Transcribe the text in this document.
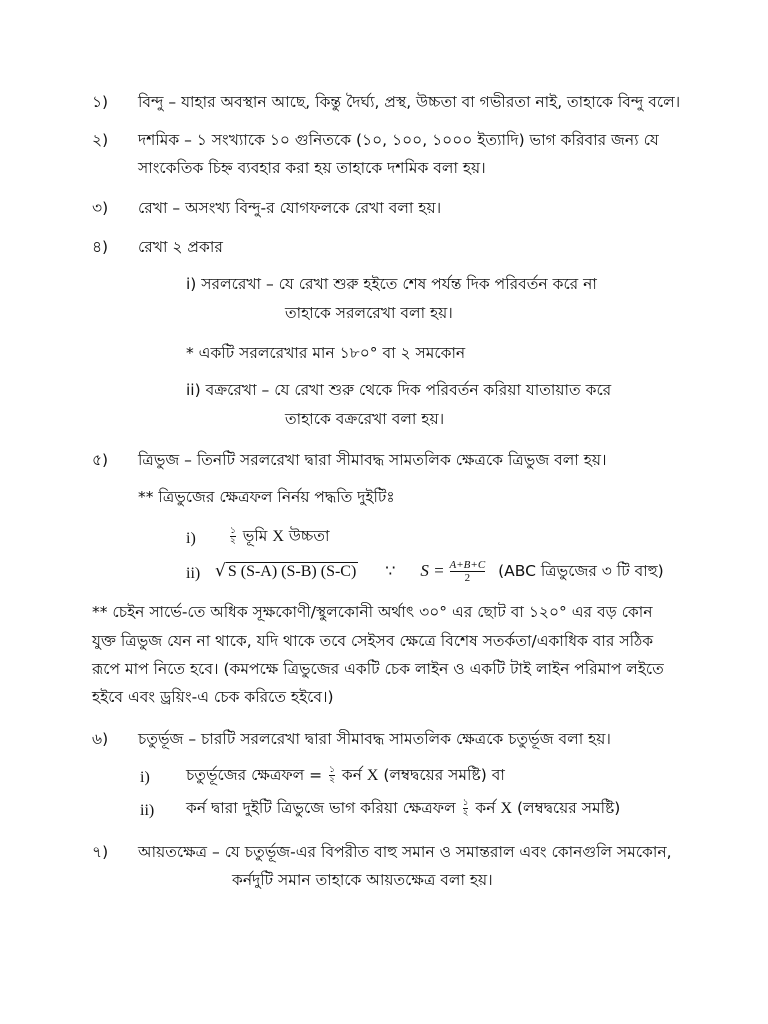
১) বিন্দু – যাহার অবস্থান আছে, কিন্তু দৈর্ঘ্য, প্রস্থ, উচ্চতা বা গভীরতা নাই, তাহাকে বিন্দু বলে।
২) দশমিক – ১ সংখ্যাকে ১০ গুনিতকে (১০, ১০০, ১০০০ ইত্যাদি) ভাগ করিবার জন্য যে
সাংকেতিক চিহ্ন ব্যবহার করা হয় তাহাকে দশমিক বলা হয়।
৩) রেখা – অসংখ্য বিন্দু-র যোগফলকে রেখা বলা হয়।
৪) রেখা ২ প্রকার
i) সরলরেখা – যে রেখা শুরু হইতে শেষ পর্যন্ত দিক পরিবর্তন করে না
তাহাকে সরলরেখা বলা হয়।
* একটি সরলরেখার মান ১৮০° বা ২ সমকোন
ii) বক্ররেখা – যে রেখা শুরু থেকে দিক পরিবর্তন করিয়া যাতায়াত করে
তাহাকে বক্ররেখা বলা হয়।
৫) ত্রিভুজ – তিনটি সরলরেখা দ্বারা সীমাবদ্ধ সামতলিক ক্ষেত্রকে ত্রিভুজ বলা হয়।
** ত্রিভুজের ক্ষেত্রফল নির্নয় পদ্ধতি দুইটিঃ
i)	$\frac{১}{২}$ ভূমি X উচ্চতা
ii) √ S (S-A) (S-B) (S-C) ∵ $S = \frac{A+B+C}{2} (ABC$ ত্রিভুজের ৩ টি বাহু)
** চেইন সার্ভে-তে অধিক সূক্ষকোণী/স্থুলকোনী অর্থাৎ ৩০° এর ছোট বা ১২০° এর বড় কোন
যুক্ত ত্রিভুজ যেন না থাকে, যদি থাকে তবে সেইসব ক্ষেত্রে বিশেষ সতর্কতা/একাধিক বার সঠিক
রূপে মাপ নিতে হবে। (কমপক্ষে ত্রিভুজের একটি চেক লাইন ও একটি টাই লাইন পরিমাপ লইতে
হইবে এবং ড্রয়িং-এ চেক করিতে হইবে।)
৬) চতুর্ভূজ – চারটি সরলরেখা দ্বারা সীমাবদ্ধ সামতলিক ক্ষেত্রকে চতুর্ভূজ বলা হয়।
i) চতুর্ভূজের ক্ষেত্রফল = $\frac{১}{২}$ কর্ন X (লম্বদ্বয়ের সমষ্টি) বা
ii) কর্ন দ্বারা দুইটি ত্রিভুজে ভাগ করিয়া ক্ষেত্রফল $\frac{১}{২}$ কর্ন X (লম্বদ্বয়ের সমষ্টি)
৭) আয়তক্ষেত্র – যে চতুর্ভূজ-এর বিপরীত বাহু সমান ও সমান্তরাল এবং কোনগুলি সমকোন,
কর্নদুটি সমান তাহাকে আয়তক্ষেত্র বলা হয়।
